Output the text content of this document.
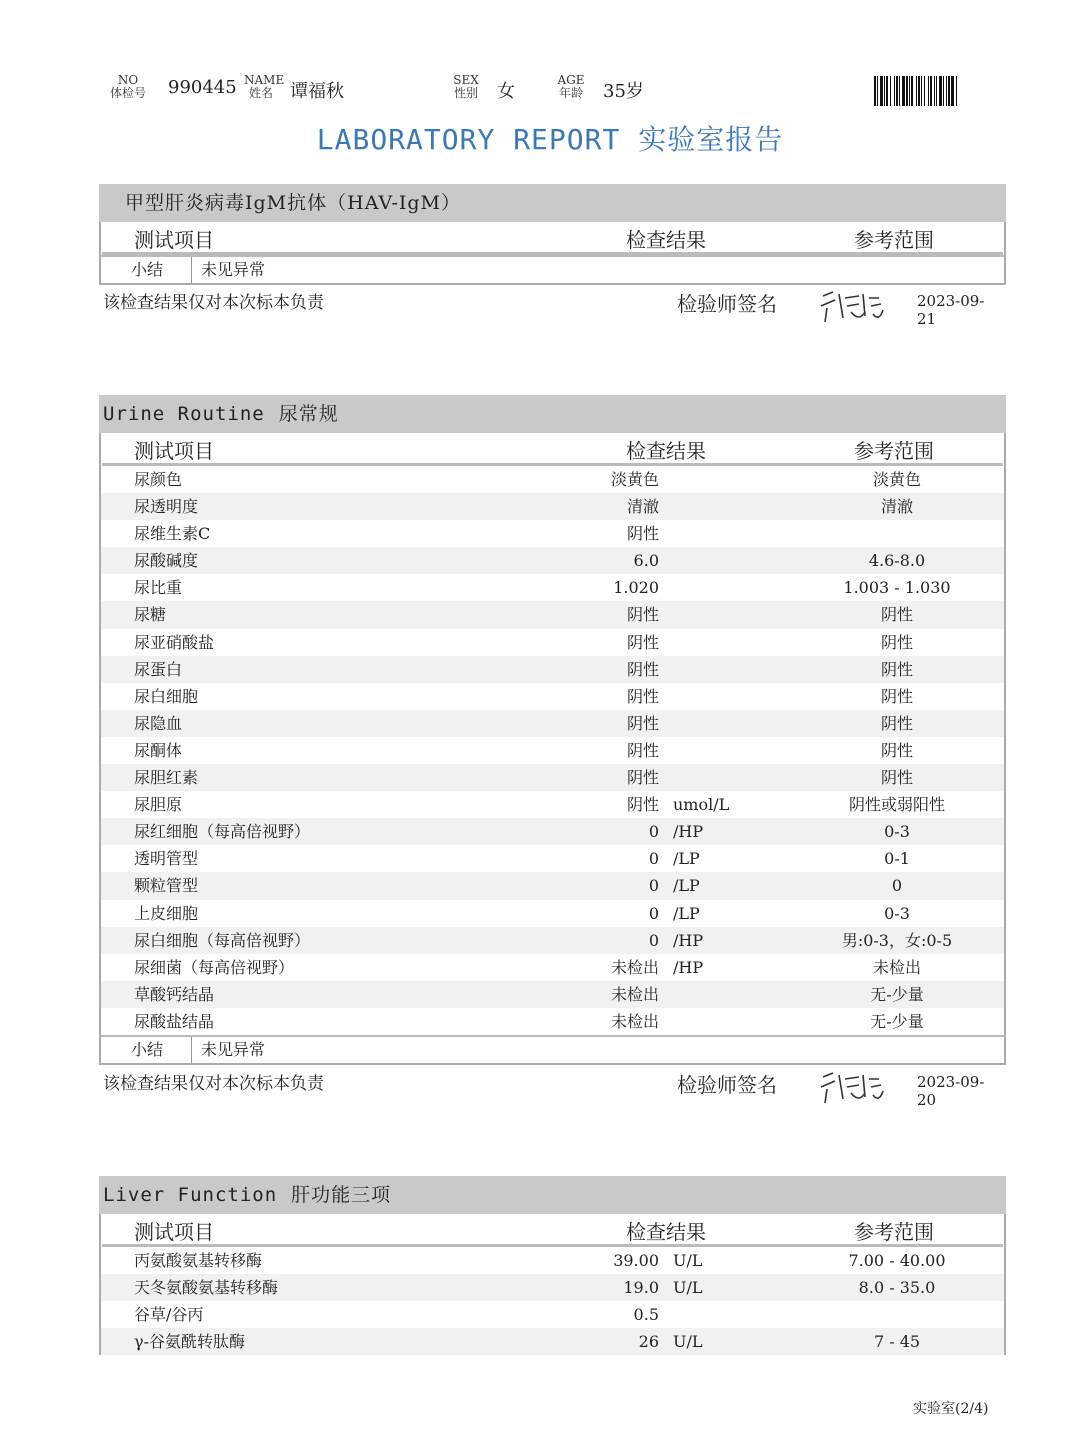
NO
体检号 990445 NAME
姓名 谭福秋
SEX
性别 女
AGE
年龄 35岁
LABORATORY REPORT 实验室报告
甲型肝炎病毒IgM抗体（HAV-IgM）
测试项目	检查结果	参考范围
小结 未见异常
该检查结果仅对本次标本负责	检验师签名	2023-09-21
Urine Routine 尿常规
测试项目	检查结果	参考范围
尿颜色	淡黄色	淡黄色
尿透明度	清澈	清澈
尿维生素C	阴性
尿酸碱度	6.0	4.6-8.0
尿比重	1.020	1.003 - 1.030
尿糖	阴性	阴性
尿亚硝酸盐	阴性	阴性
尿蛋白	阴性	阴性
尿白细胞	阴性	阴性
尿隐血	阴性	阴性
尿酮体	阴性	阴性
尿胆红素	阴性	阴性
尿胆原	阴性 umol/L	阴性或弱阳性
尿红细胞（每高倍视野）	0 /HP	0-3
透明管型	0 /LP	0-1
颗粒管型	0 /LP	0
上皮细胞	0 /LP	0-3
尿白细胞（每高倍视野）	0 /HP	男:0-3，女:0-5
尿细菌（每高倍视野）	未检出 /HP	未检出
草酸钙结晶	未检出	无-少量
尿酸盐结晶	未检出	无-少量
小结 未见异常
该检查结果仅对本次标本负责	检验师签名	2023-09-20
Liver Function 肝功能三项
测试项目	检查结果	参考范围
丙氨酸氨基转移酶	39.00 U/L	7.00 - 40.00
天冬氨酸氨基转移酶	19.0 U/L	8.0 - 35.0
谷草/谷丙	0.5
γ-谷氨酰转肽酶	26 U/L	7 - 45
实验室(2/4)
